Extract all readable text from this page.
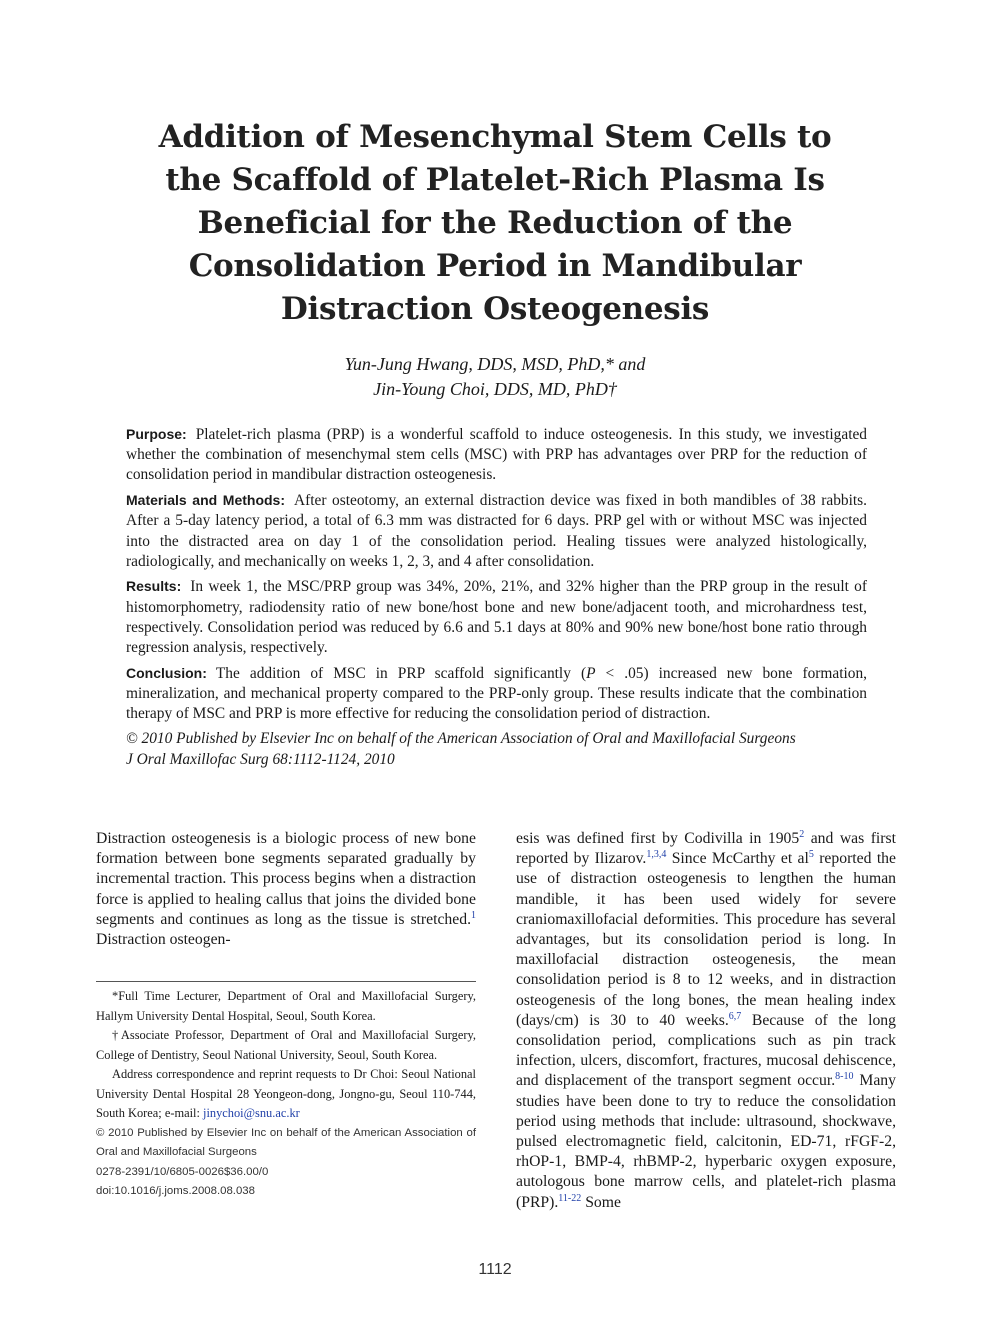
Addition of Mesenchymal Stem Cells to
the Scaffold of Platelet-Rich Plasma Is
Beneficial for the Reduction of the
Consolidation Period in Mandibular
Distraction Osteogenesis
Yun-Jung Hwang, DDS, MSD, PhD,* and
Jin-Young Choi, DDS, MD, PhD†

Purpose: Platelet-rich plasma (PRP) is a wonderful scaffold to induce osteogenesis. In this study, we investigated whether the combination of mesenchymal stem cells (MSC) with PRP has advantages over PRP for the reduction of consolidation period in mandibular distraction osteogenesis.

Materials and Methods: After osteotomy, an external distraction device was fixed in both mandibles of 38 rabbits. After a 5-day latency period, a total of 6.3 mm was distracted for 6 days. PRP gel with or without MSC was injected into the distracted area on day 1 of the consolidation period. Healing tissues were analyzed histologically, radiologically, and mechanically on weeks 1, 2, 3, and 4 after consolidation.

Results: In week 1, the MSC/PRP group was 34%, 20%, 21%, and 32% higher than the PRP group in the result of histomorphometry, radiodensity ratio of new bone/host bone and new bone/adjacent tooth, and microhardness test, respectively. Consolidation period was reduced by 6.6 and 5.1 days at 80% and 90% new bone/host bone ratio through regression analysis, respectively.

Conclusion: The addition of MSC in PRP scaffold significantly (P < .05) increased new bone formation, mineralization, and mechanical property compared to the PRP-only group. These results indicate that the combination therapy of MSC and PRP is more effective for reducing the consolidation period of distraction.

© 2010 Published by Elsevier Inc on behalf of the American Association of Oral and Maxillofacial Surgeons

J Oral Maxillofac Surg 68:1112-1124, 2010

Distraction osteogenesis is a biologic process of new bone formation between bone segments separated gradually by incremental traction. This process begins when a distraction force is applied to healing callus that joins the divided bone segments and continues as long as the tissue is stretched.$^1$ Distraction osteogen-

*Full Time Lecturer, Department of Oral and Maxillofacial Surgery, Hallym University Dental Hospital, Seoul, South Korea.

†Associate Professor, Department of Oral and Maxillofacial Surgery, College of Dentistry, Seoul National University, Seoul, South Korea.

Address correspondence and reprint requests to Dr Choi: Seoul National University Dental Hospital 28 Yeongeon-dong, Jongno-gu, Seoul 110-744, South Korea; e-mail: jinychoi@snu.ac.kr

© 2010 Published by Elsevier Inc on behalf of the American Association of Oral and Maxillofacial Surgeons

0278-2391/10/6805-0026$36.00/0

doi:10.1016/j.joms.2008.08.038

esis was defined first by Codivilla in 1905$^2$ and was first reported by Ilizarov.$^{1,3,4}$ Since McCarthy et al$^5$ reported the use of distraction osteogenesis to lengthen the human mandible, it has been used widely for severe craniomaxillofacial deformities. This procedure has several advantages, but its consolidation period is long. In maxillofacial distraction osteogenesis, the mean consolidation period is 8 to 12 weeks, and in distraction osteogenesis of the long bones, the mean healing index (days/cm) is 30 to 40 weeks.$^{6,7}$ Because of the long consolidation period, complications such as pin track infection, ulcers, discomfort, fractures, mucosal dehiscence, and displacement of the transport segment occur.$^{8-10}$ Many studies have been done to try to reduce the consolidation period using methods that include: ultrasound, shockwave, pulsed electromagnetic field, calcitonin, ED-71, rFGF-2, rhOP-1, BMP-4, rhBMP-2, hyperbaric oxygen exposure, autologous bone marrow cells, and platelet-rich plasma (PRP).$^{11-22}$ Some

1112
